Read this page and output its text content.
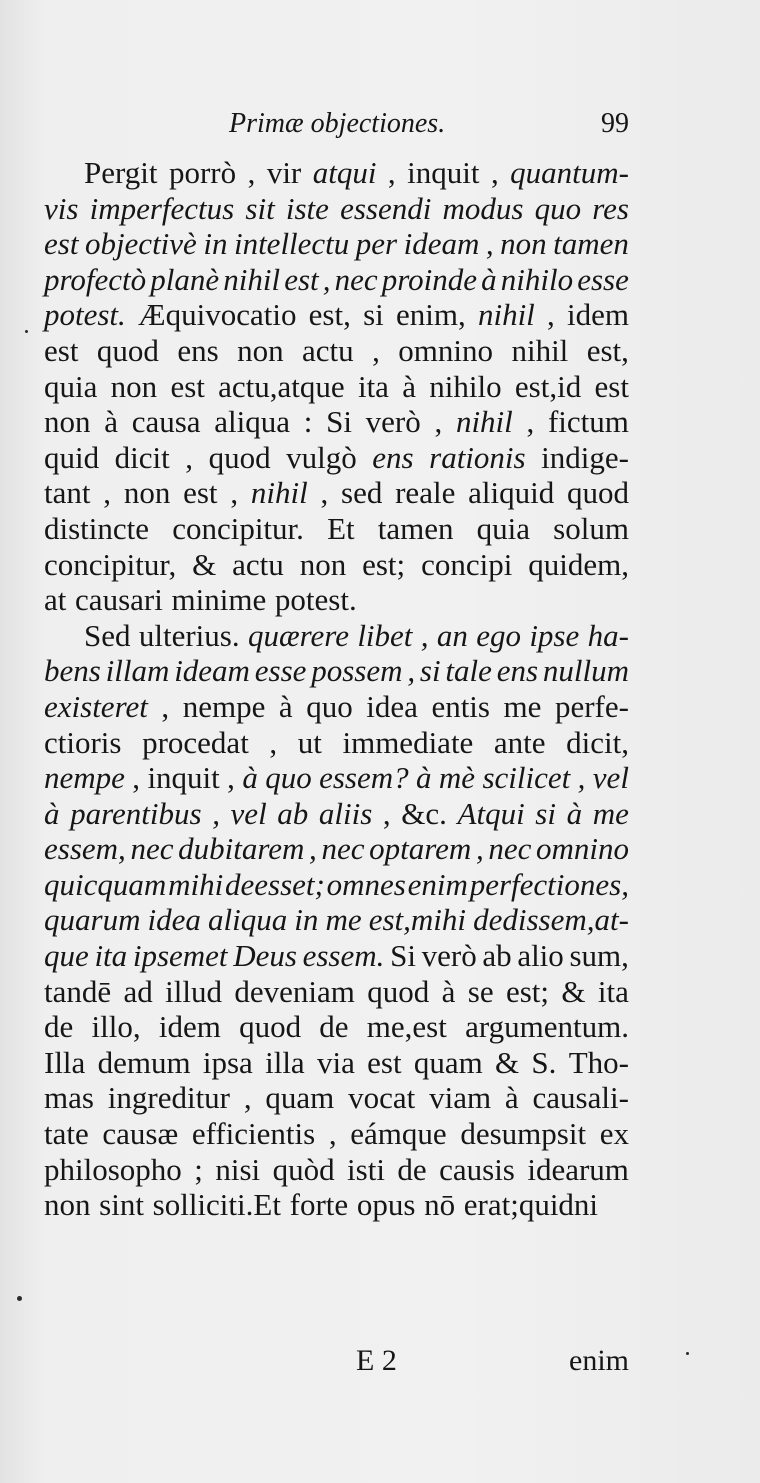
Primæ objectiones.	99
Pergit porrò , vir atqui , inquit , quantum-
vis imperfectus sit iste essendi modus quo res
est objectivè in intellectu per ideam , non tamen
profectò planè nihil est , nec proinde à nihilo esse
potest. Æquivocatio est, si enim, nihil , idem
est quod ens non actu , omnino nihil est,
quia non est actu,atque ita à nihilo est,id est
non à causa aliqua : Si verò , nihil , fictum
quid dicit , quod vulgò ens rationis indige-
tant , non est , nihil , sed reale aliquid quod
distincte concipitur. Et tamen quia solum
concipitur, & actu non est; concipi quidem,
at causari minime potest.
Sed ulterius. quærere libet , an ego ipse ha-
bens illam ideam esse possem , si tale ens nullum
existeret , nempe à quo idea entis me perfe-
ctioris procedat , ut immediate ante dicit,
nempe , inquit , à quo essem? à mè scilicet , vel
à parentibus , vel ab aliis , &c. Atqui si à me
essem, nec dubitarem , nec optarem , nec omnino
quicquam mihi deesset; omnes enim perfectiones,
quarum idea aliqua in me est,mihi dedissem,at-
que ita ipsemet Deus essem. Si verò ab alio sum,
tandē ad illud deveniam quod à se est; & ita
de illo, idem quod de me,est argumentum.
Illa demum ipsa illa via est quam & S. Tho-
mas ingreditur , quam vocat viam à causali-
tate causæ efficientis , eámque desumpsit ex
philosopho ; nisi quòd isti de causis idearum
non sint solliciti.Et forte opus nō erat;quidni
E 2	enim
